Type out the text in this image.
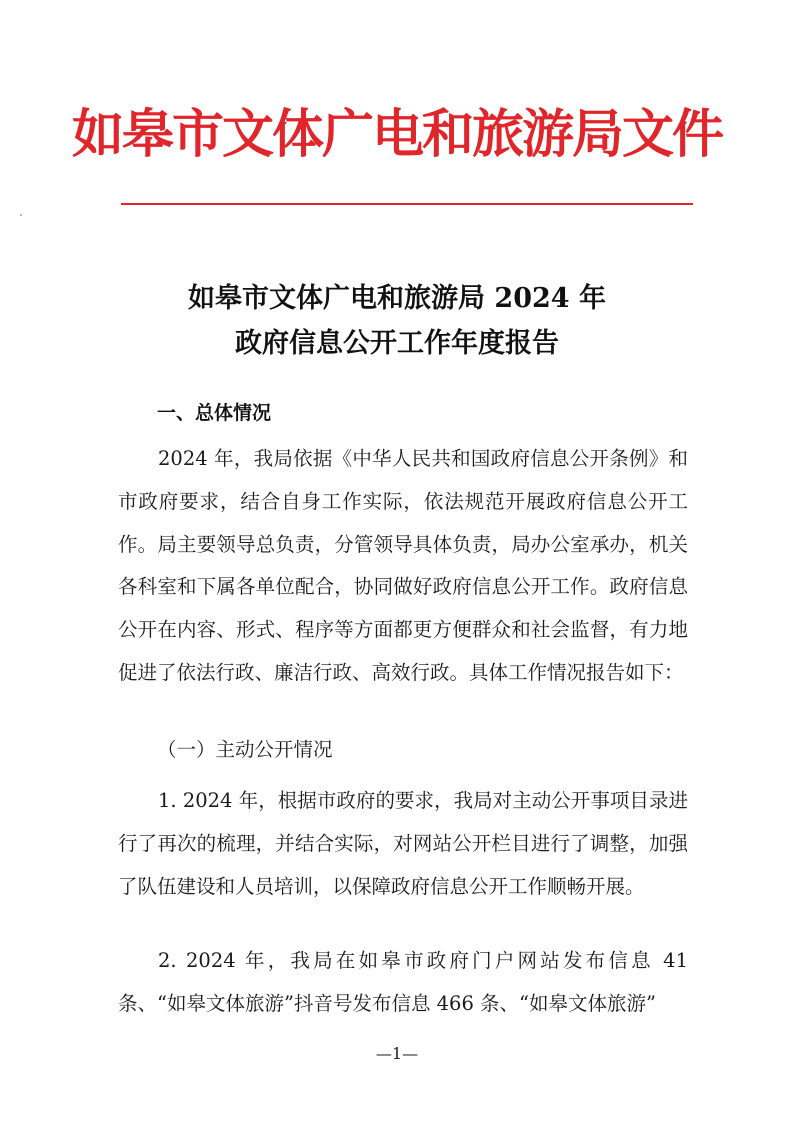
如皋市文体广电和旅游局文件
如皋市文体广电和旅游局 2024 年
政府信息公开工作年度报告
一、总体情况
2024 年，我局依据《中华人民共和国政府信息公开条例》和市政府要求，结合自身工作实际，依法规范开展政府信息公开工作。局主要领导总负责，分管领导具体负责，局办公室承办，机关各科室和下属各单位配合，协同做好政府信息公开工作。政府信息公开在内容、形式、程序等方面都更方便群众和社会监督，有力地促进了依法行政、廉洁行政、高效行政。具体工作情况报告如下：
（一）主动公开情况
1. 2024 年，根据市政府的要求，我局对主动公开事项目录进行了再次的梳理，并结合实际，对网站公开栏目进行了调整，加强了队伍建设和人员培训，以保障政府信息公开工作顺畅开展。
2. 2024 年，我局在如皋市政府门户网站发布信息 41 条、“如皋文体旅游”抖音号发布信息 466 条、“如皋文体旅游”
—1—
